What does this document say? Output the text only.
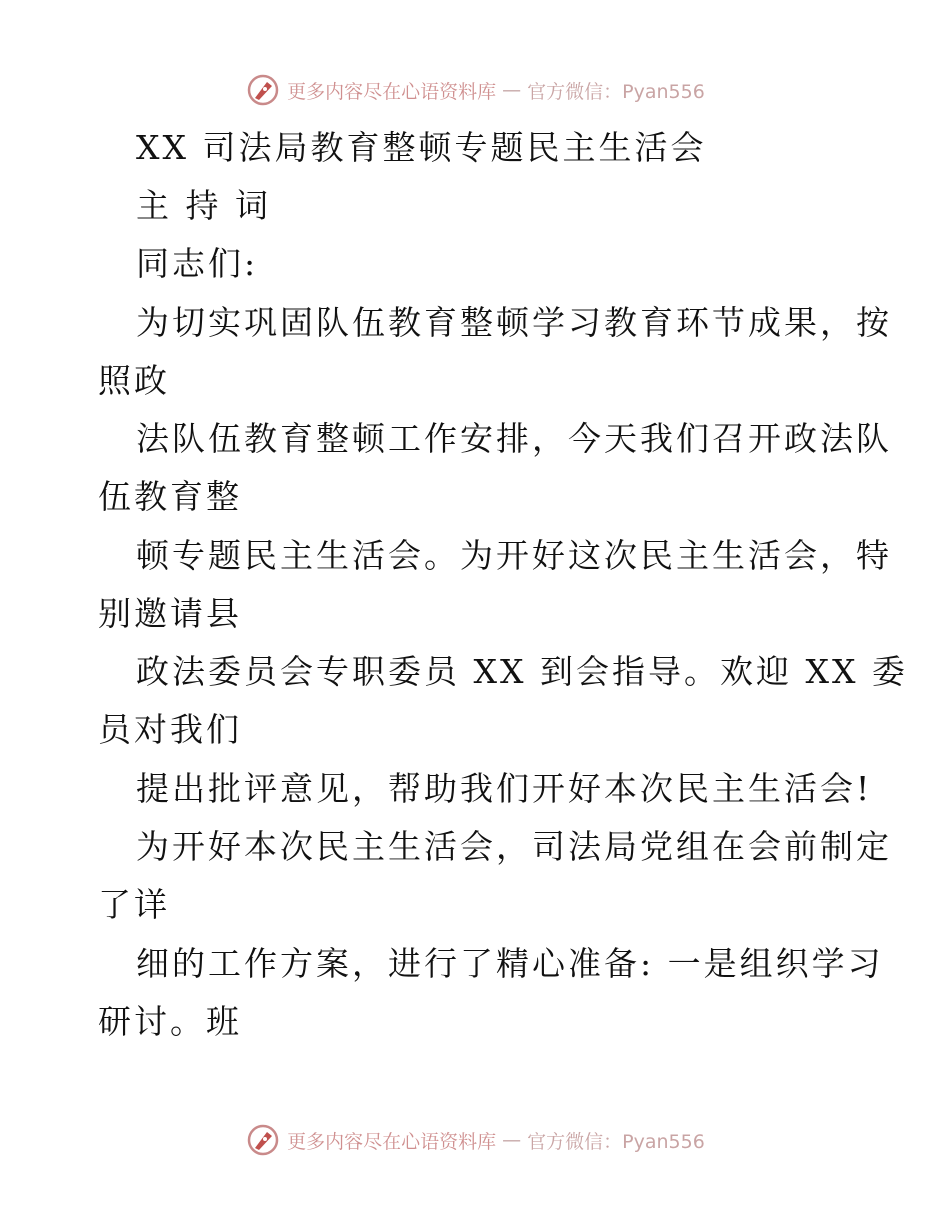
更多内容尽在心语资料库 — 官方微信：Pyan556
XX 司法局教育整顿专题民主生活会
主 持 词
同志们:
为切实巩固队伍教育整顿学习教育环节成果，按
照政
法队伍教育整顿工作安排，今天我们召开政法队
伍教育整
顿专题民主生活会。为开好这次民主生活会，特
别邀请县
政法委员会专职委员 XX 到会指导。欢迎 XX 委
员对我们
提出批评意见，帮助我们开好本次民主生活会!
为开好本次民主生活会，司法局党组在会前制定
了详
细的工作方案，进行了精心准备: 一是组织学习
研讨。班
更多内容尽在心语资料库 — 官方微信：Pyan556
